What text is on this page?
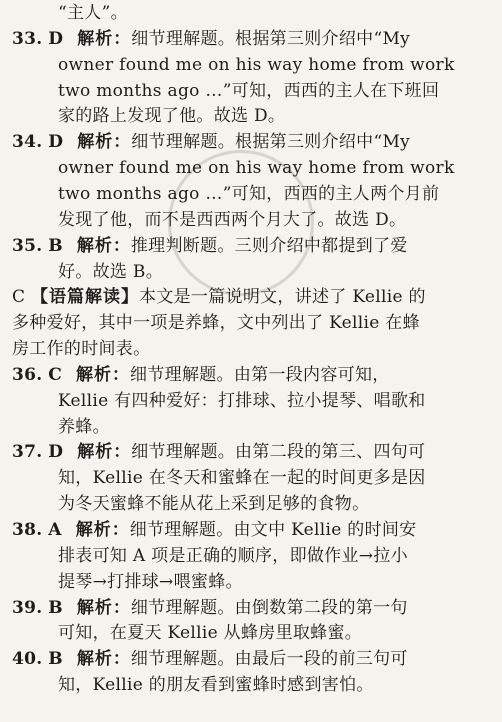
“主人”。
33. D 解析：细节理解题。根据第三则介绍中“My
owner found me on his way home from work
two months ago …”可知，西西的主人在下班回
家的路上发现了他。故选 D。
34. D 解析：细节理解题。根据第三则介绍中“My
owner found me on his way home from work
two months ago …”可知，西西的主人两个月前
发现了他，而不是西西两个月大了。故选 D。
35. B 解析：推理判断题。三则介绍中都提到了爱
好。故选 B。
C 【语篇解读】本文是一篇说明文，讲述了 Kellie 的
多种爱好，其中一项是养蜂，文中列出了 Kellie 在蜂
房工作的时间表。
36. C 解析：细节理解题。由第一段内容可知，
Kellie 有四种爱好：打排球、拉小提琴、唱歌和
养蜂。
37. D 解析：细节理解题。由第二段的第三、四句可
知，Kellie 在冬天和蜜蜂在一起的时间更多是因
为冬天蜜蜂不能从花上采到足够的食物。
38. A 解析：细节理解题。由文中 Kellie 的时间安
排表可知 A 项是正确的顺序，即做作业→拉小
提琴→打排球→喂蜜蜂。
39. B 解析：细节理解题。由倒数第二段的第一句
可知，在夏天 Kellie 从蜂房里取蜂蜜。
40. B 解析：细节理解题。由最后一段的前三句可
知，Kellie 的朋友看到蜜蜂时感到害怕。
